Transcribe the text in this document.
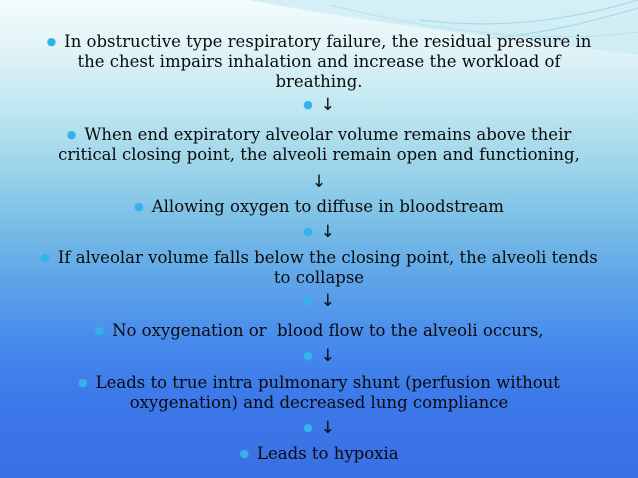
● In obstructive type respiratory failure, the residual pressure in
the chest impairs inhalation and increase the workload of
breathing.
● ↓
● When end expiratory alveolar volume remains above their
critical closing point, the alveoli remain open and functioning,
↓
● Allowing oxygen to diffuse in bloodstream
● ↓
● If alveolar volume falls below the closing point, the alveoli tends
to collapse
● ↓
● No oxygenation or  blood flow to the alveoli occurs,
● ↓
● Leads to true intra pulmonary shunt (perfusion without
oxygenation) and decreased lung compliance
● ↓
● Leads to hypoxia
